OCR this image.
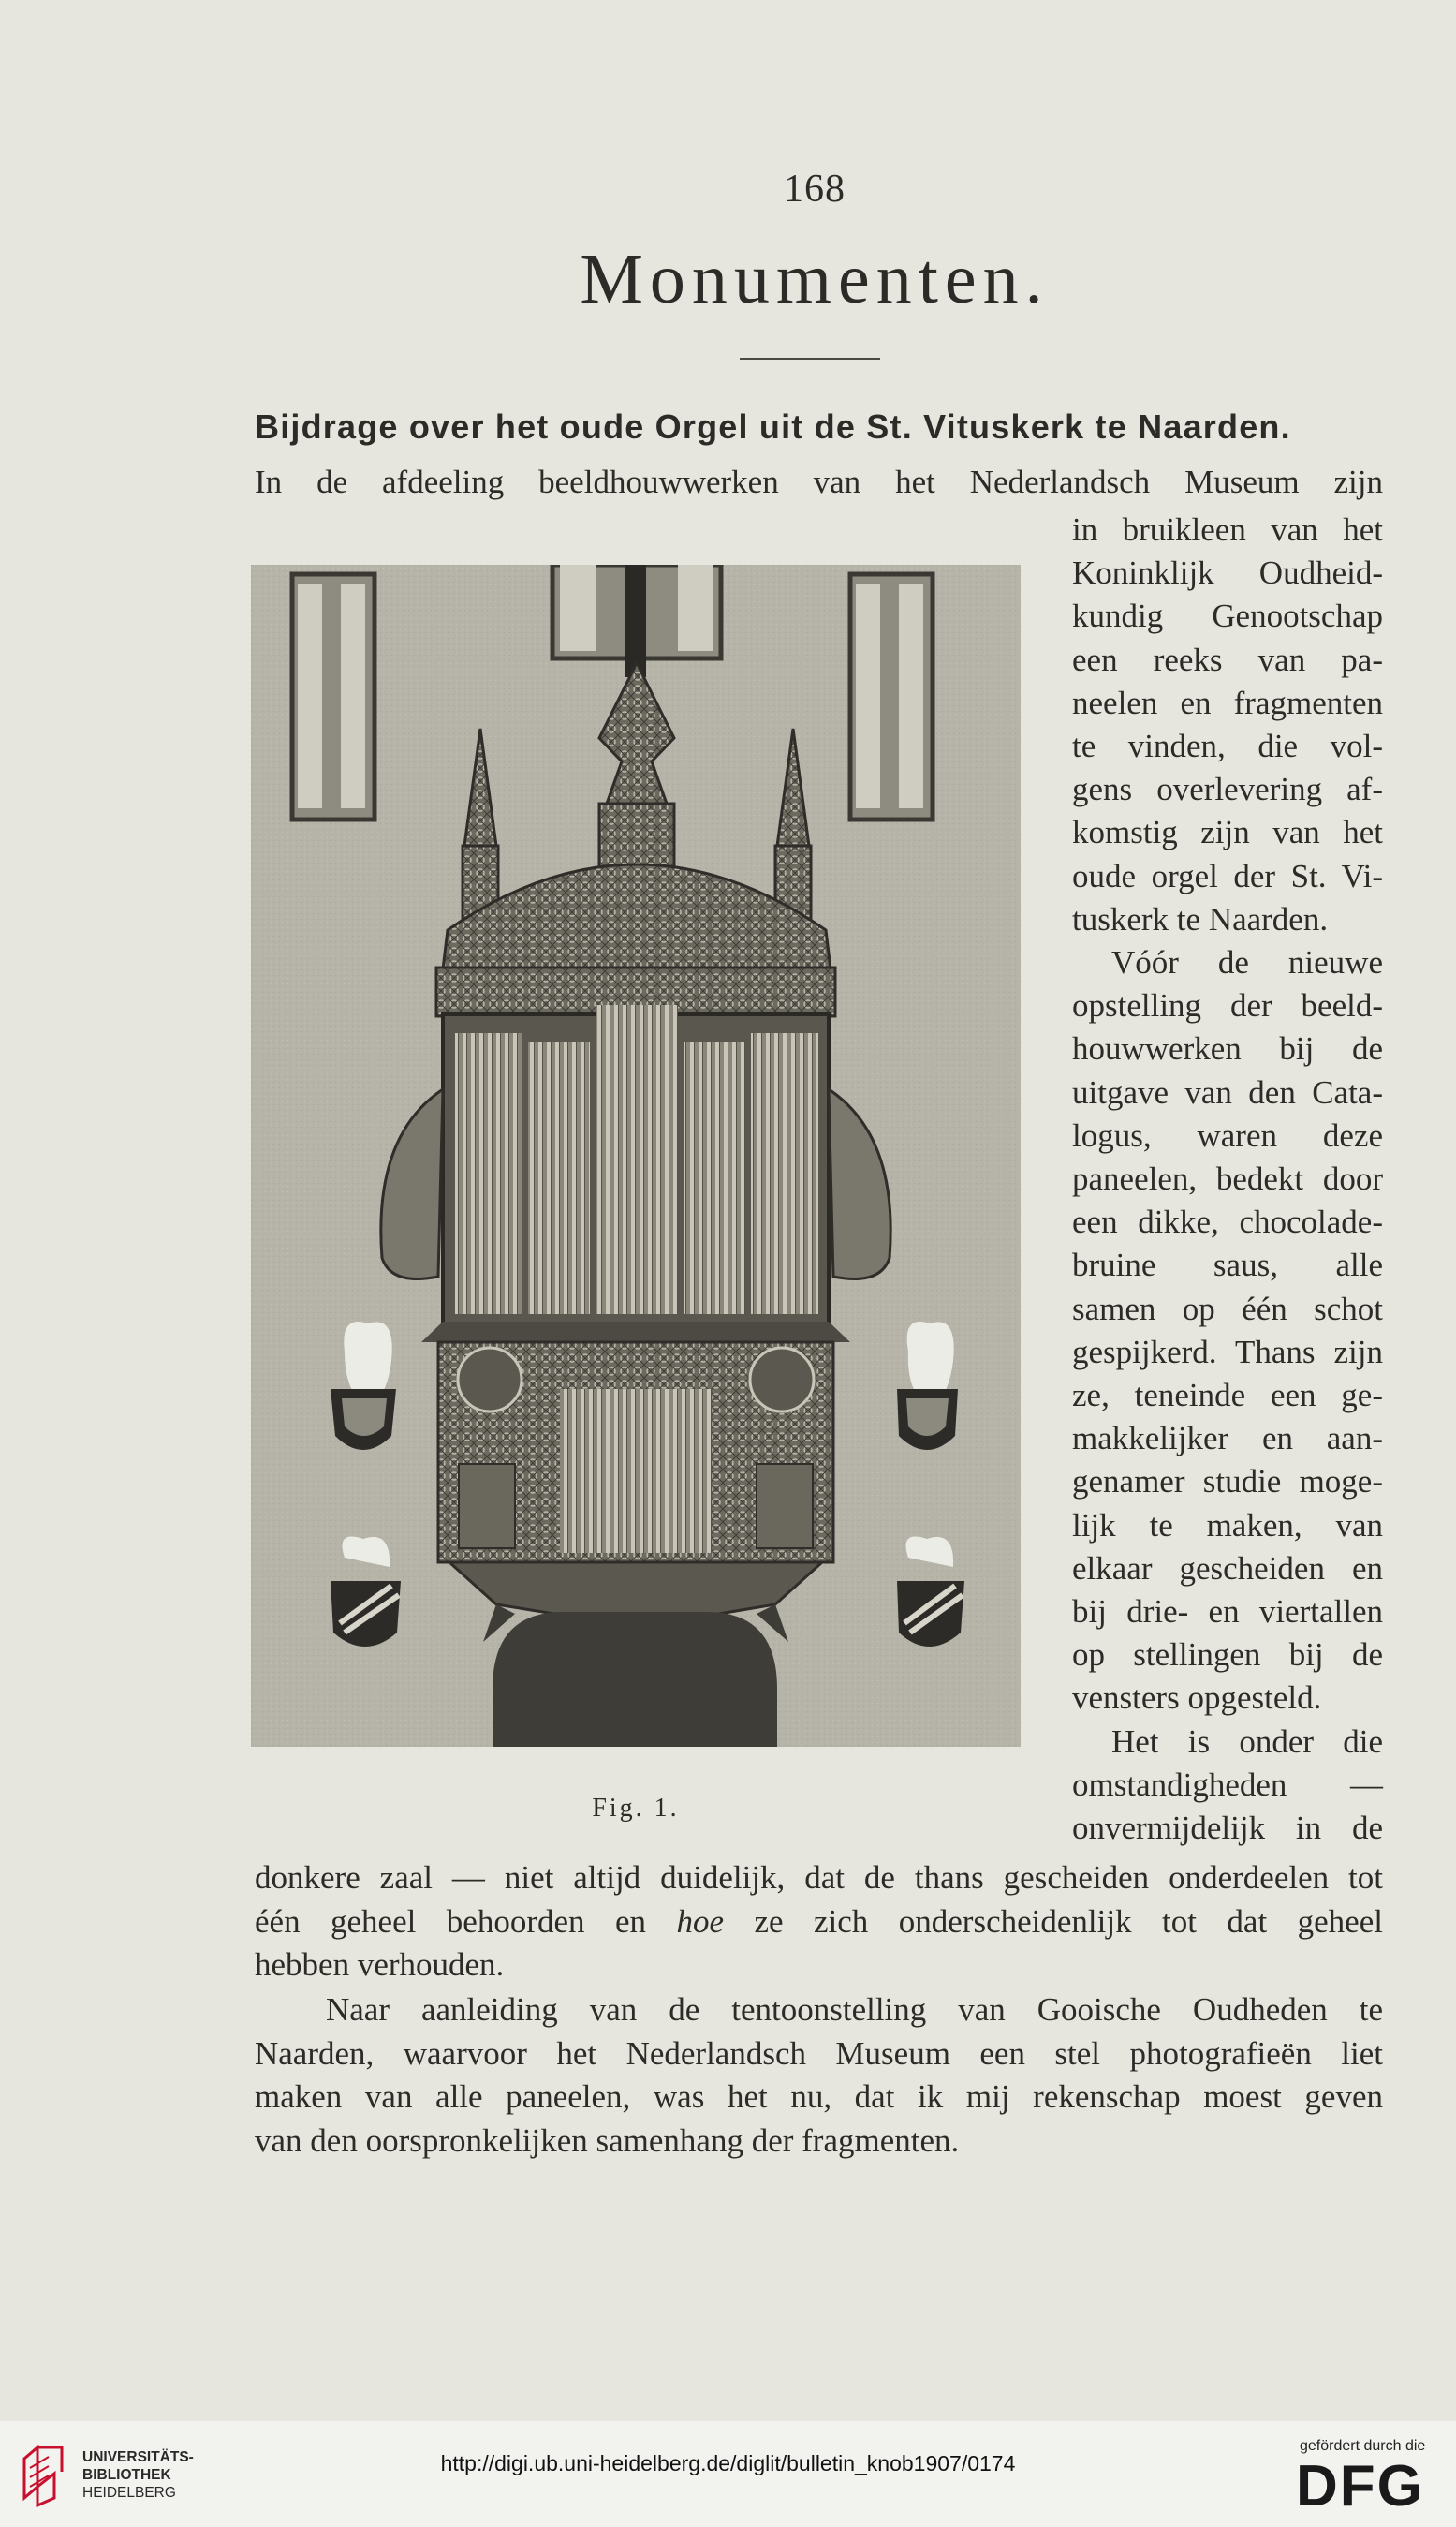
168
Monumenten.
Bijdrage over het oude Orgel uit de St. Vituskerk te Naarden.
In de afdeeling beeldhouwwerken van het Nederlandsch Museum zijn
in bruikleen van het
Koninklijk Oudheid-
kundig Genootschap
een reeks van pa-
neelen en fragmenten
te vinden, die vol-
gens overlevering af-
komstig zijn van het
oude orgel der St. Vi-
tuskerk te Naarden.
Vóór de nieuwe
opstelling der beeld-
houwwerken bij de
uitgave van den Cata-
logus, waren deze
paneelen, bedekt door
een dikke, chocolade-
bruine saus, alle
samen op één schot
gespijkerd. Thans zijn
ze, teneinde een ge-
makkelijker en aan-
genamer studie moge-
lijk te maken, van
elkaar gescheiden en
bij drie- en viertallen
op stellingen bij de
vensters opgesteld.
Het is onder die
omstandigheden —
onvermijdelijk in de
Fig. 1.
donkere zaal — niet altijd duidelijk, dat de thans gescheiden onderdeelen tot
één geheel behoorden en hoe ze zich onderscheidenlijk tot dat geheel
hebben verhouden.
Naar aanleiding van de tentoonstelling van Gooische Oudheden te
Naarden, waarvoor het Nederlandsch Museum een stel photografieën liet
maken van alle paneelen, was het nu, dat ik mij rekenschap moest geven
van den oorspronkelijken samenhang der fragmenten.
UNIVERSITÄTS-
BIBLIOTHEK
HEIDELBERG
http://digi.ub.uni-heidelberg.de/diglit/bulletin_knob1907/0174
gefördert durch die
DFG
